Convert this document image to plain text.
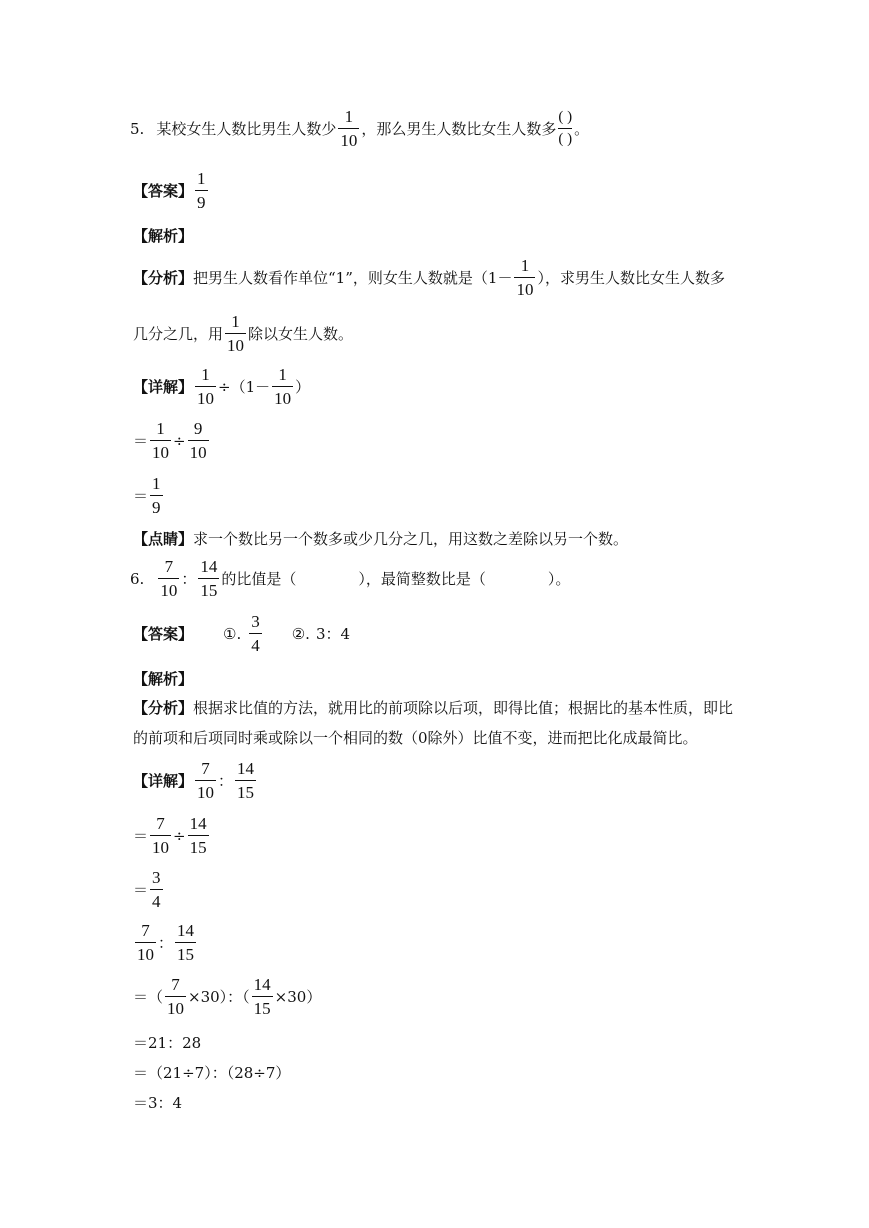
5. 某校女生人数比男生人数少 $\frac{1}{10}$ ，那么男生人数比女生人数多 $\frac{( )}{( )}$ 。
【答案】 $\frac{1}{9}$
【解析】
【分析】 把男生人数看作单位“1”，则女生人数就是（$1- \frac{1}{10}$ ），求男生人数比女生人数多
几分之几，用 $\frac{1}{10}$ 除以女生人数。
【详解】 $\frac{1}{10} \div(1- \frac{1}{10}$ ）
＝ $\frac{1}{10} \div \frac{9}{10}$
＝ $\frac{1}{9}$
【点睛】 求一个数比另一个数多或少几分之几，用这数之差除以另一个数。
6. $\frac{7}{10}$ ： $\frac{14}{15}$ 的比值是（	），最简整数比是（	）。
【答案】 ①. $\frac{3}{4}$ ②. 3：4
【解析】
【分析】 根据求比值的方法，就用比的前项除以后项，即得比值；根据比的基本性质，即比
的前项和后项同时乘或除以一个相同的数（0除外）比值不变，进而把比化成最简比。
【详解】 $\frac{7}{10}$ ： $\frac{14}{15}$
＝ $\frac{7}{10} \div \frac{14}{15}$
＝ $\frac{3}{4}$
$\frac{7}{10}$ ： $\frac{14}{15}$
＝（ $\frac{7}{10} \times 30$）：（ $\frac{14}{15} \times 30$）
＝21：28
＝（21÷7）：（28÷7）
＝3：4
